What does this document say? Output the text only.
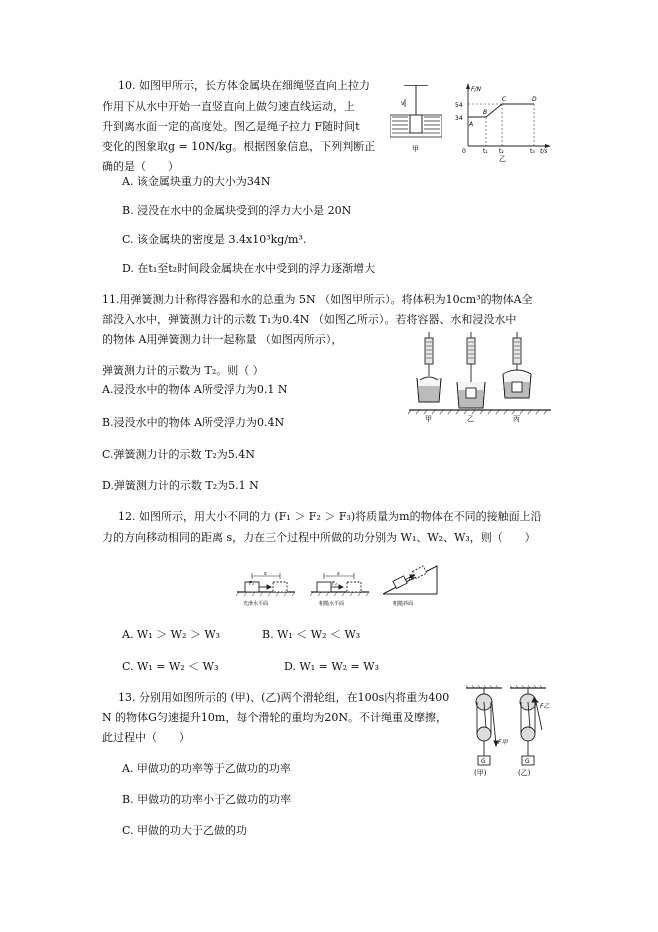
10. 如图甲所示，长方体金属块在细绳竖直向上拉力
作用下从水中开始一直竖直向上做匀速直线运动，上
升到离水面一定的高度处。图乙是绳子拉力 F随时间t
变化的图象取g = 10N/kg。根据图象信息，下列判断正
确的是（　　）
v
甲
F/N
54
34
A
B
C	D
0	t₁ t₂	t₃ t/s
乙
A. 该金属块重力的大小为34N
B. 浸没在水中的金属块受到的浮力大小是 20N
C. 该金属块的密度是 3.4x10³kg/m³.
D. 在t₁至t₂时间段金属块在水中受到的浮力逐渐增大
11.用弹簧测力计称得容器和水的总重为 5N （如图甲所示）。将体积为10cm³的物体A全
部没入水中，弹簧测力计的示数 T₁为0.4N （如图乙所示）。若将容器、水和浸没水中
的物体 A用弹簧测力计一起称量 （如图丙所示），
弹簧测力计的示数为 T₂。则（ ）
甲	乙	丙
A.浸没水中的物体 A所受浮力为0.1 N
B.浸没水中的物体 A所受浮力为0.4N
C.弹簧测力计的示数 T₂为5.4N
D.弹簧测力计的示数 T₂为5.1 N
12. 如图所示，用大小不同的力 (F₁ ＞ F₂ ＞ F₃)将质量为m的物体在不同的接触面上沿
力的方向移动相同的距离 s，力在三个过程中所做的功分别为 W₁、W₂、W₃，则（　　）
F₁
s
F₂
s
F₃
光滑水平面	粗糙水平面	粗糙斜面
A. W₁ ＞ W₂ ＞ W₃	B. W₁ ＜ W₂ ＜ W₃
C. W₁ = W₂ ＜ W₃	D. W₁ = W₂ = W₃
13. 分别用如图所示的 (甲)、(乙)两个滑轮组，在100s内将重为400
N 的物体G匀速提升10m，每个滑轮的重均为20N。不计绳重及摩擦，
此过程中（　　）	F甲
F乙
G	G
(甲)	(乙)
A. 甲做功的功率等于乙做功的功率
B. 甲做功的功率小于乙做功的功率
C. 甲做的功大于乙做的功
